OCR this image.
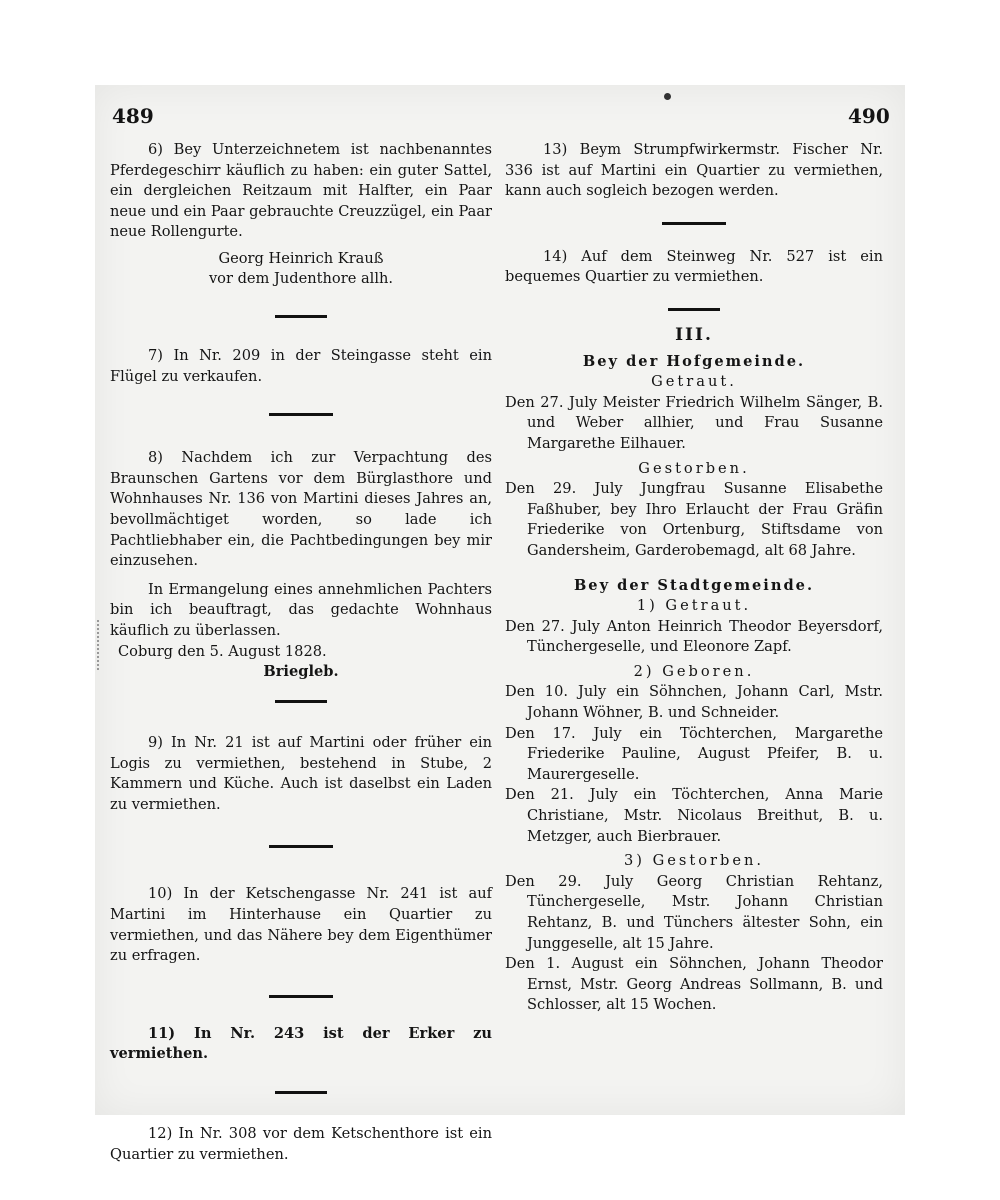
489	490

6) Bey Unterzeichnetem ist nachbenanntes Pferdegeschirr käuflich zu haben: ein guter Sattel, ein dergleichen Reitzaum mit Halfter, ein Paar neue und ein Paar gebrauchte Creuzzügel, ein Paar neue Rollengurte.

Georg Heinrich Krauß

vor dem Judenthore allh.

7) In Nr. 209 in der Steingasse steht ein Flügel zu verkaufen.

8) Nachdem ich zur Verpachtung des Braunschen Gartens vor dem Bürglasthore und Wohnhauses Nr. 136 von Martini dieses Jahres an, bevollmächtiget worden, so lade ich Pachtliebhaber ein, die Pachtbedingungen bey mir einzusehen.

In Ermangelung eines annehmlichen Pachters bin ich beauftragt, das gedachte Wohnhaus käuflich zu überlassen.

Coburg den 5. August 1828.

Briegleb.

9) In Nr. 21 ist auf Martini oder früher ein Logis zu vermiethen, bestehend in Stube, 2 Kammern und Küche. Auch ist daselbst ein Laden zu vermiethen.

10) In der Ketschengasse Nr. 241 ist auf Martini im Hinterhause ein Quartier zu vermiethen, und das Nähere bey dem Eigenthümer zu erfragen.

11) In Nr. 243 ist der Erker zu vermiethen.

12) In Nr. 308 vor dem Ketschenthore ist ein Quartier zu vermiethen.

13) Beym Strumpfwirkermstr. Fischer Nr. 336 ist auf Martini ein Quartier zu vermiethen, kann auch sogleich bezogen werden.

14) Auf dem Steinweg Nr. 527 ist ein bequemes Quartier zu vermiethen.

III.

Bey der Hofgemeinde.

Getraut.

Den 27. July Meister Friedrich Wilhelm Sänger, B. und Weber allhier, und Frau Susanne Margarethe Eilhauer.

Gestorben.

Den 29. July Jungfrau Susanne Elisabethe Faßhuber, bey Ihro Erlaucht der Frau Gräfin Friederike von Ortenburg, Stiftsdame von Gandersheim, Garderobemagd, alt 68 Jahre.

Bey der Stadtgemeinde.

1) Getraut.

Den 27. July Anton Heinrich Theodor Beyersdorf, Tünchergeselle, und Eleonore Zapf.

2) Geboren.

Den 10. July ein Söhnchen, Johann Carl, Mstr. Johann Wöhner, B. und Schneider.

Den 17. July ein Töchterchen, Margarethe Friederike Pauline, August Pfeifer, B. u. Maurergeselle.

Den 21. July ein Töchterchen, Anna Marie Christiane, Mstr. Nicolaus Breithut, B. u. Metzger, auch Bierbrauer.

3) Gestorben.

Den 29. July Georg Christian Rehtanz, Tünchergeselle, Mstr. Johann Christian Rehtanz, B. und Tünchers ältester Sohn, ein Junggeselle, alt 15 Jahre.

Den 1. August ein Söhnchen, Johann Theodor Ernst, Mstr. Georg Andreas Sollmann, B. und Schlosser, alt 15 Wochen.
